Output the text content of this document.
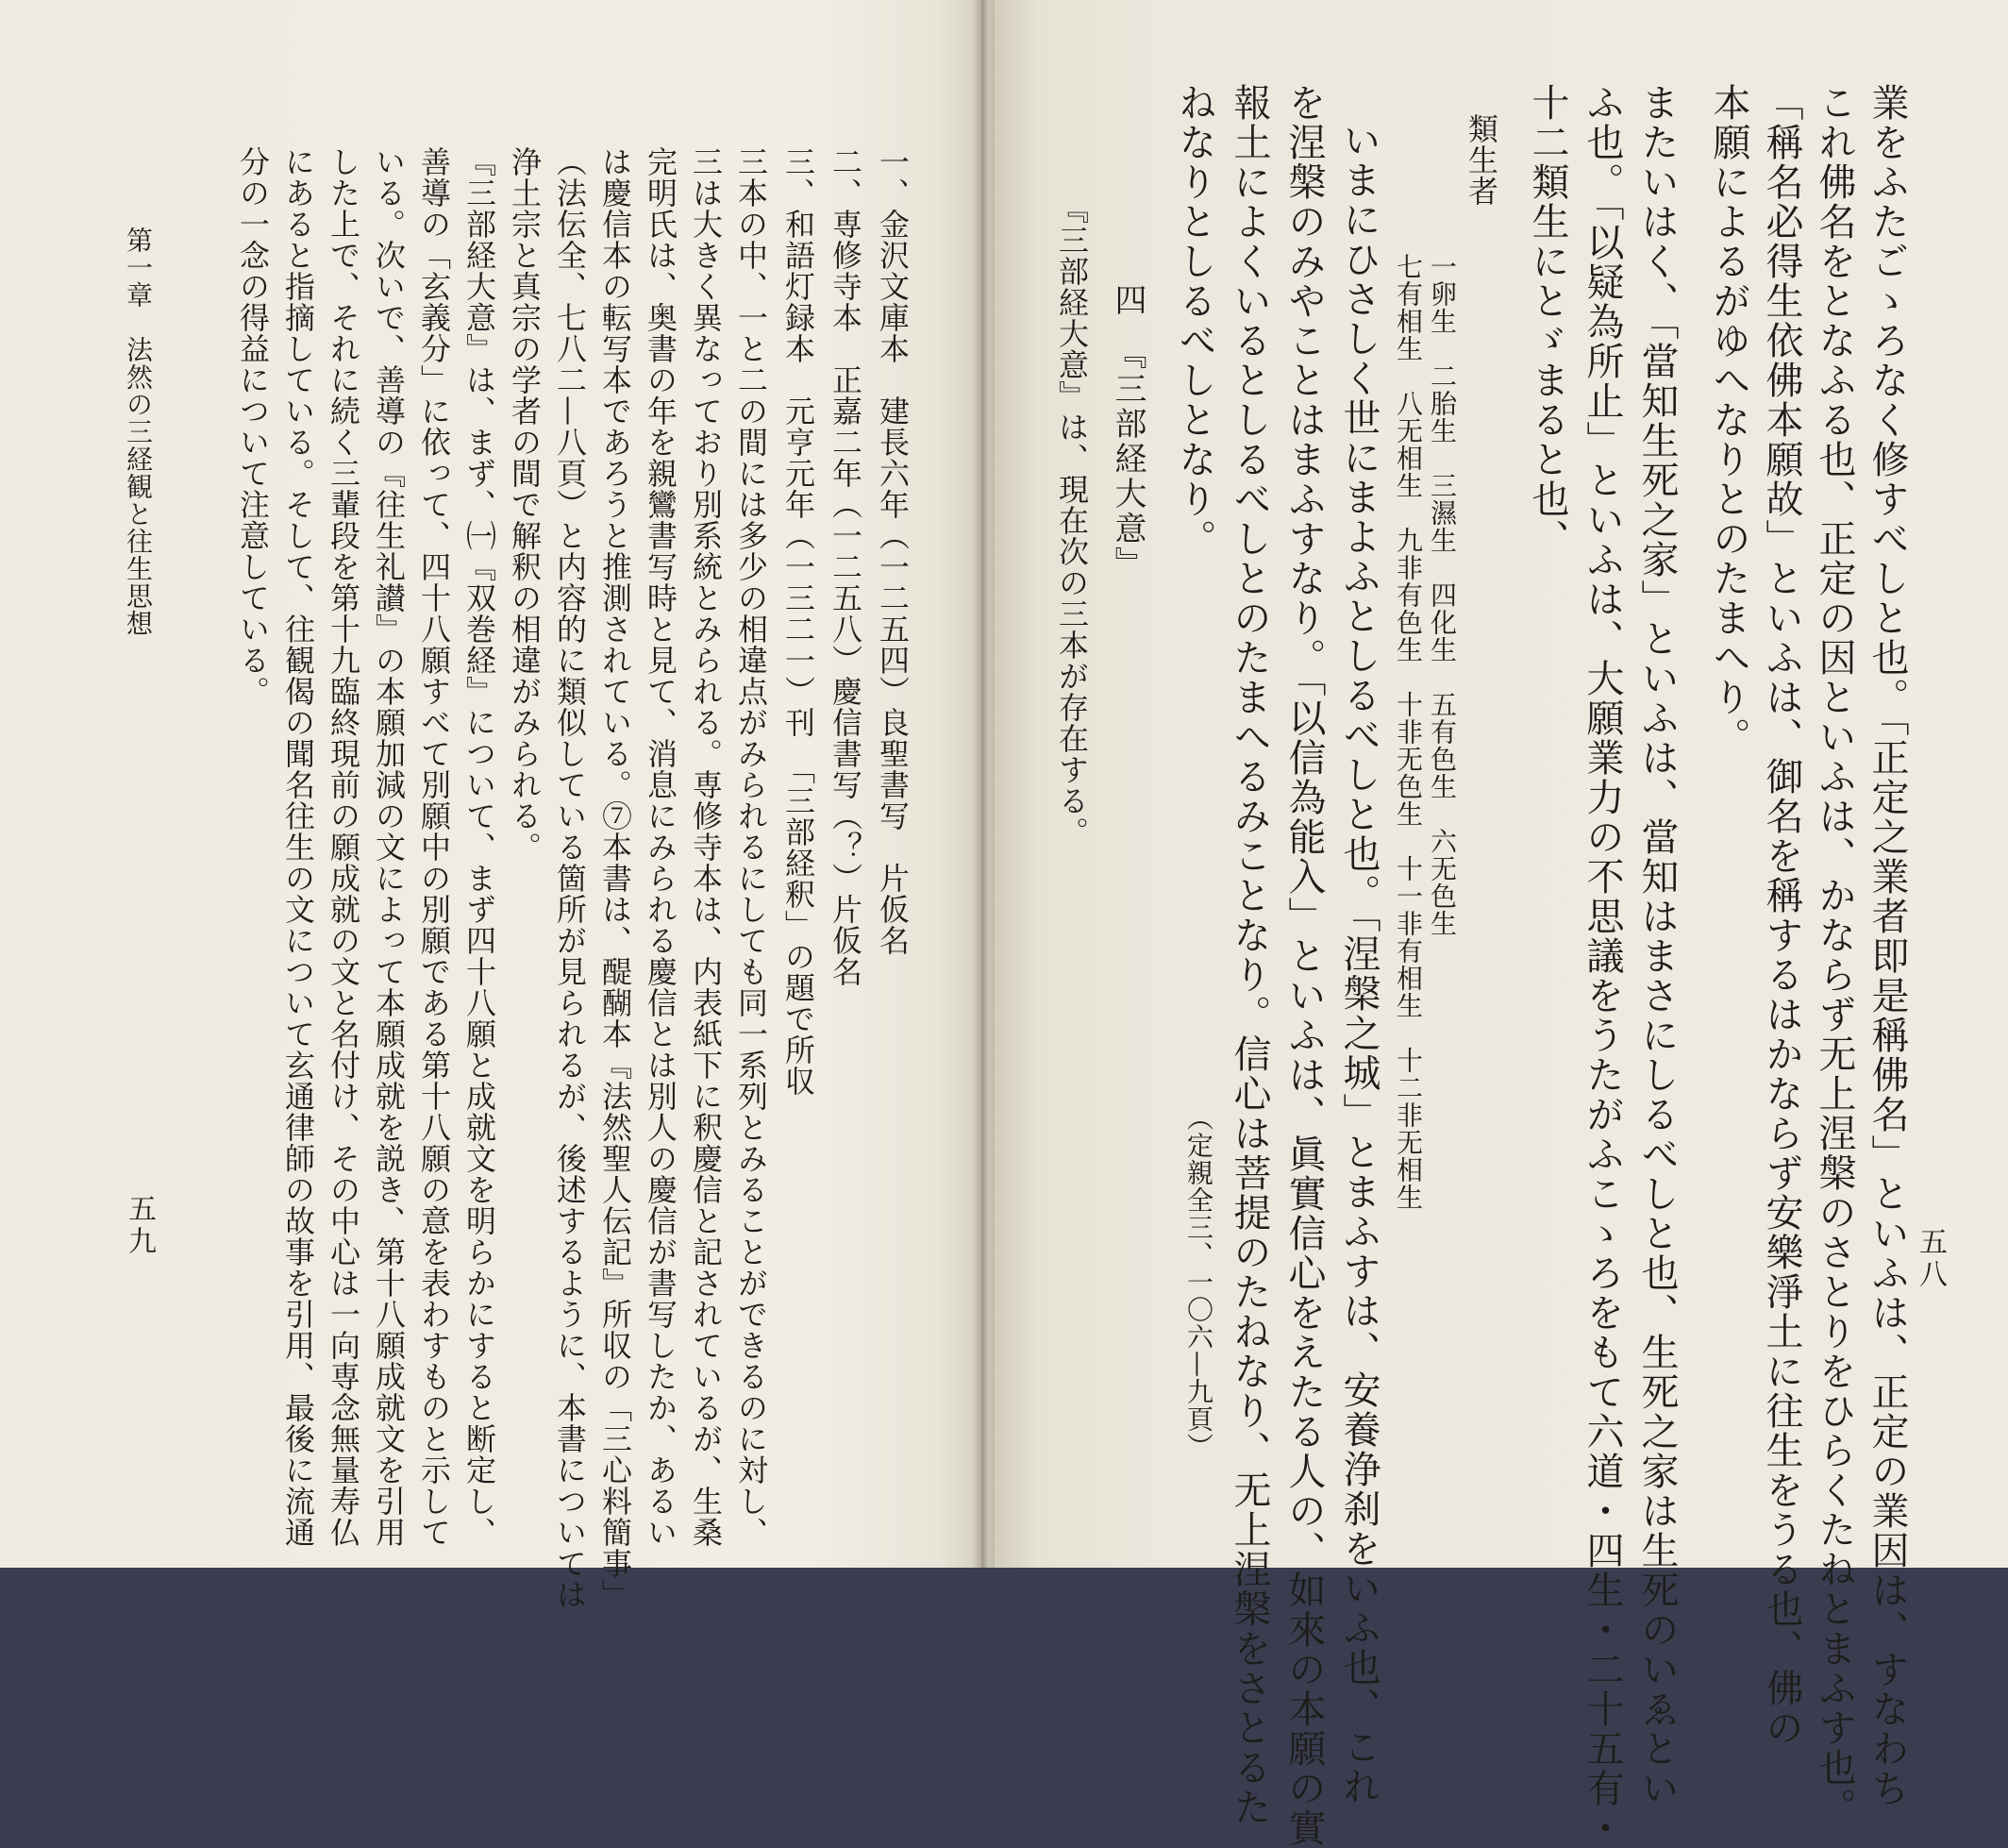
五八
業をふたごゝろなく修すべしと也。「正定之業者即是稱佛名」といふは、正定の業因は、すなわち
これ佛名をとなふる也、正定の因といふは、かならず无上涅槃のさとりをひらくたねとまふす也。
「稱名必得生依佛本願故」といふは、御名を稱するはかならず安樂淨土に往生をうる也、佛の
本願によるがゆへなりとのたまへり。
またいはく、「當知生死之家」といふは、當知はまさにしるべしと也、生死之家は生死のいゑとい
ふ也。「以疑為所止」といふは、大願業力の不思議をうたがふこゝろをもて六道・四生・二十五有・
十二類生にとゞまると也、
類生者
一卵生　二胎生　三濕生　四化生　五有色生　六无色生
七有相生　八无相生　九非有色生　十非无色生　十一非有相生　十二非无相生
いまにひさしく世にまよふとしるべしと也。「涅槃之城」とまふすは、安養浄刹をいふ也、これ
を涅槃のみやことはまふすなり。「以信為能入」といふは、眞實信心をえたる人の、如來の本願の實
報土によくいるとしるべしとのたまへるみことなり。信心は菩提のたねなり、无上涅槃をさとるた
ねなりとしるべしとなり。
（定親全三、一〇六—九頁）
四　『三部経大意』
『三部経大意』は、現在次の三本が存在する。
一、金沢文庫本　建長六年（一二五四）良聖書写　片仮名
二、専修寺本　正嘉二年（一二五八）慶信書写（？）片仮名
三、和語灯録本　元亨元年（一三二一）刊　「三部経釈」の題で所収
三本の中、一と二の間には多少の相違点がみられるにしても同一系列とみることができるのに対し、
三は大きく異なっており別系統とみられる。専修寺本は、内表紙下に釈慶信と記されているが、生桑
完明氏は、奥書の年を親鸞書写時と見て、消息にみられる慶信とは別人の慶信が書写したか、あるい
は慶信本の転写本であろうと推測されている。⑦本書は、醍醐本『法然聖人伝記』所収の「三心料簡事」
（法伝全、七八二—八頁）と内容的に類似している箇所が見られるが、後述するように、本書については
浄土宗と真宗の学者の間で解釈の相違がみられる。
『三部経大意』は、まず、㈠『双巻経』について、まず四十八願と成就文を明らかにすると断定し、
善導の「玄義分」に依って、四十八願すべて別願中の別願である第十八願の意を表わすものと示して
いる。次いで、善導の『往生礼讃』の本願加減の文によって本願成就を説き、第十八願成就文を引用
した上で、それに続く三輩段を第十九臨終現前の願成就の文と名付け、その中心は一向専念無量寿仏
にあると指摘している。そして、往観偈の聞名往生の文について玄通律師の故事を引用、最後に流通
分の一念の得益について注意している。
第一章　法然の三経観と往生思想
五九
